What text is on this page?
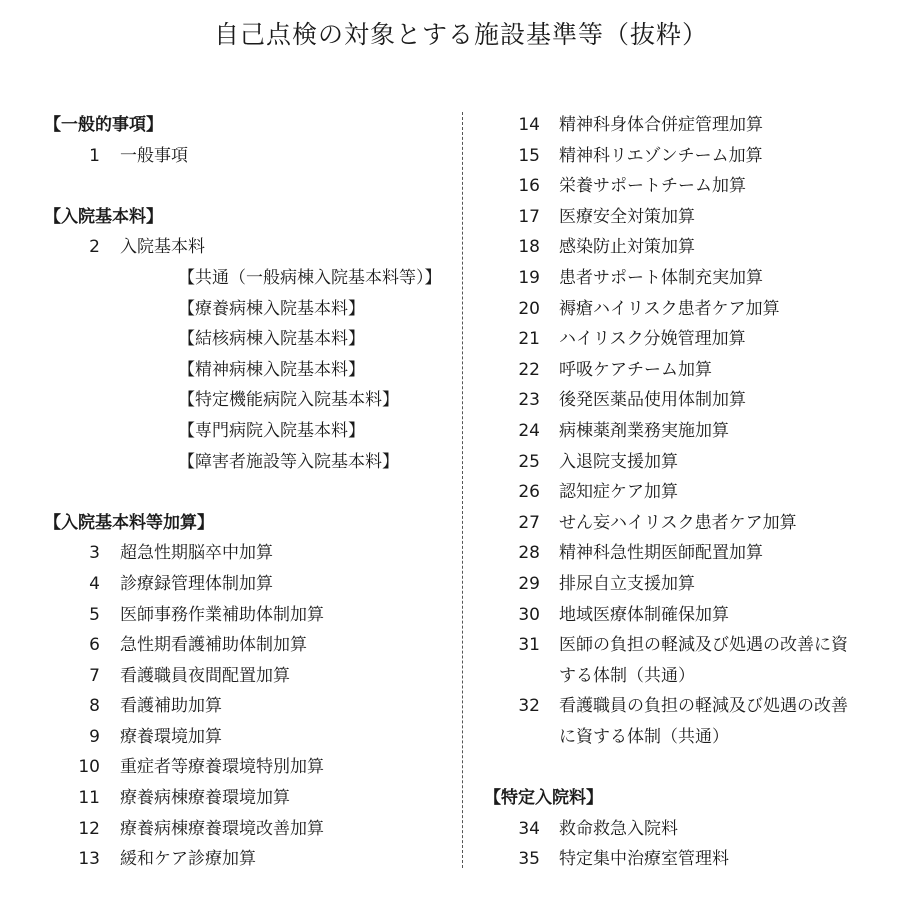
自己点検の対象とする施設基準等（抜粋）
【一般的事項】
1 一般事項
【入院基本料】
2 入院基本料
【共通（一般病棟入院基本料等）】
【療養病棟入院基本料】
【結核病棟入院基本料】
【精神病棟入院基本料】
【特定機能病院入院基本料】
【専門病院入院基本料】
【障害者施設等入院基本料】
【入院基本料等加算】
3 超急性期脳卒中加算
4 診療録管理体制加算
5 医師事務作業補助体制加算
6 急性期看護補助体制加算
7 看護職員夜間配置加算
8 看護補助加算
9 療養環境加算
10 重症者等療養環境特別加算
11 療養病棟療養環境加算
12 療養病棟療養環境改善加算
13 緩和ケア診療加算
14 精神科身体合併症管理加算
15 精神科リエゾンチーム加算
16 栄養サポートチーム加算
17 医療安全対策加算
18 感染防止対策加算
19 患者サポート体制充実加算
20 褥瘡ハイリスク患者ケア加算
21 ハイリスク分娩管理加算
22 呼吸ケアチーム加算
23 後発医薬品使用体制加算
24 病棟薬剤業務実施加算
25 入退院支援加算
26 認知症ケア加算
27 せん妄ハイリスク患者ケア加算
28 精神科急性期医師配置加算
29 排尿自立支援加算
30 地域医療体制確保加算
31 医師の負担の軽減及び処遇の改善に資
する体制（共通）
32 看護職員の負担の軽減及び処遇の改善
に資する体制（共通）
【特定入院料】
34 救命救急入院料
35 特定集中治療室管理料
